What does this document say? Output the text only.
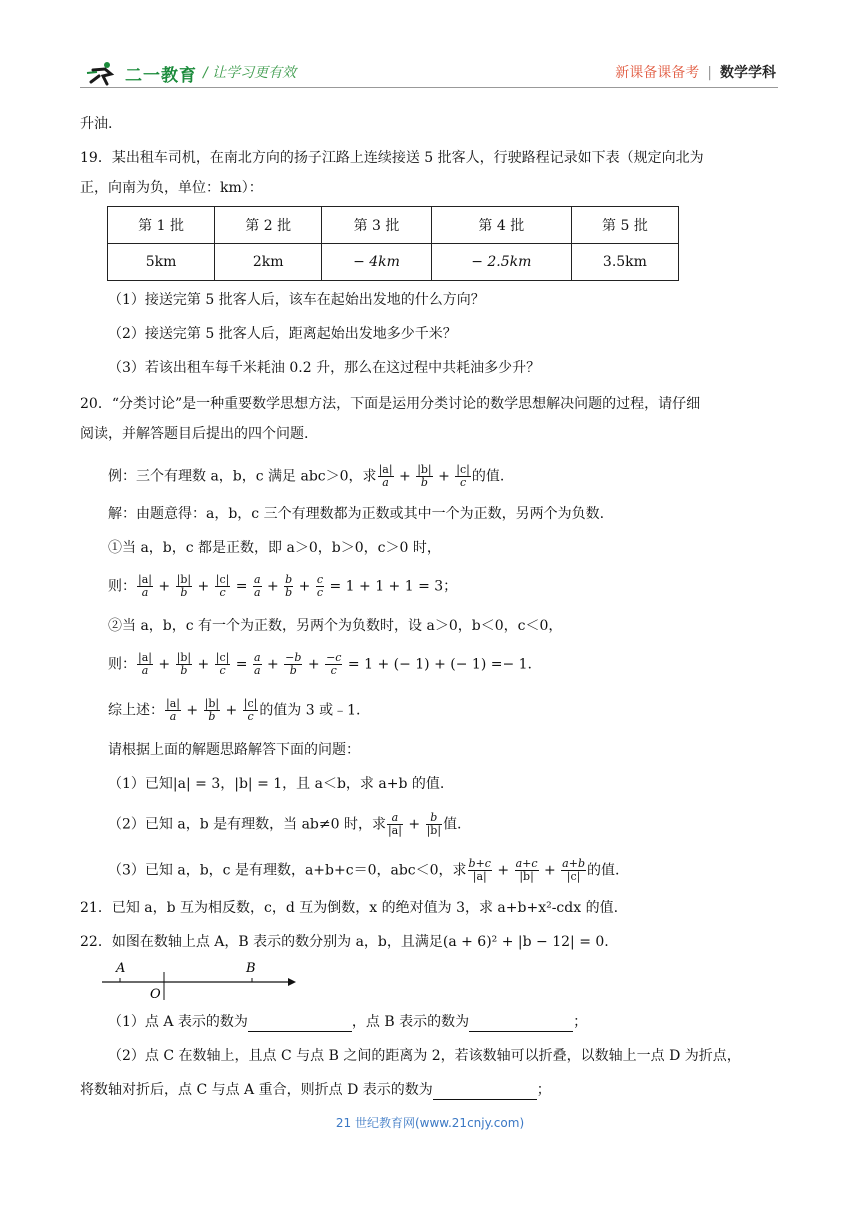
二一教育 / 让学习更有效	新课备课备考 | 数学学科
升油.
19．某出租车司机，在南北方向的扬子江路上连续接送 5 批客人，行驶路程记录如下表（规定向北为
正，向南为负，单位：km）：
第 1 批	第 2 批	第 3 批	第 4 批	第 5 批
5km	2km	− 4km	− 2.5km	3.5km
（1）接送完第 5 批客人后，该车在起始出发地的什么方向？
（2）接送完第 5 批客人后，距离起始出发地多少千米？
（3）若该出租车每千米耗油 0.2 升，那么在这过程中共耗油多少升？
20．“分类讨论”是一种重要数学思想方法，下面是运用分类讨论的数学思想解决问题的过程，请仔细
阅读，并解答题目后提出的四个问题.
例：三个有理数 a，b，c 满足 abc＞0，求 $\frac{|a|}{a} + \frac{|b|}{b} + \frac{|c|}{c}$ 的值.
解：由题意得：a，b，c 三个有理数都为正数或其中一个为正数，另两个为负数.
①当 a，b，c 都是正数，即 a＞0，b＞0，c＞0 时，
则： $\frac{|a|}{a} + \frac{|b|}{b} + \frac{|c|}{c} = \frac{a}{a} + \frac{b}{b} + \frac{c}{c} = 1 + 1 + 1 = 3$；
②当 a，b，c 有一个为正数，另两个为负数时，设 a＞0，b＜0，c＜0，
则： $\frac{|a|}{a} + \frac{|b|}{b} + \frac{|c|}{c} = \frac{a}{a} + \frac{-b}{b} + \frac{-c}{c} = 1$ + (− 1) + (− 1) =− 1.
综上述： $\frac{|a|}{a} + \frac{|b|}{b} + \frac{|c|}{c}$ 的值为 3 或﹣1.
请根据上面的解题思路解答下面的问题：
（1）已知|a| = 3，|b| = 1，且 a＜b，求 a+b 的值.
（2）已知 a，b 是有理数，当 ab≠0 时，求 $\frac{a}{|a|} + \frac{b}{|b|}$ 值.
（3）已知 a，b，c 是有理数，a+b+c＝0，abc＜0，求 $\frac{b+c}{|a|} + \frac{a+c}{|b|} + \frac{a+b}{|c|}$ 的值.
21．已知 a，b 互为相反数，c，d 互为倒数，x 的绝对值为 3，求 a+b+x²-cdx 的值.
22．如图在数轴上点 A，B 表示的数分别为 a，b，且满足(a + 6)² + |b − 12| = 0.
A	B
O
（1）点 A 表示的数为	，点 B 表示的数为	；
（2）点 C 在数轴上，且点 C 与点 B 之间的距离为 2，若该数轴可以折叠，以数轴上一点 D 为折点，
将数轴对折后，点 C 与点 A 重合，则折点 D 表示的数为	；
21 世纪教育网(www.21cnjy.com)
